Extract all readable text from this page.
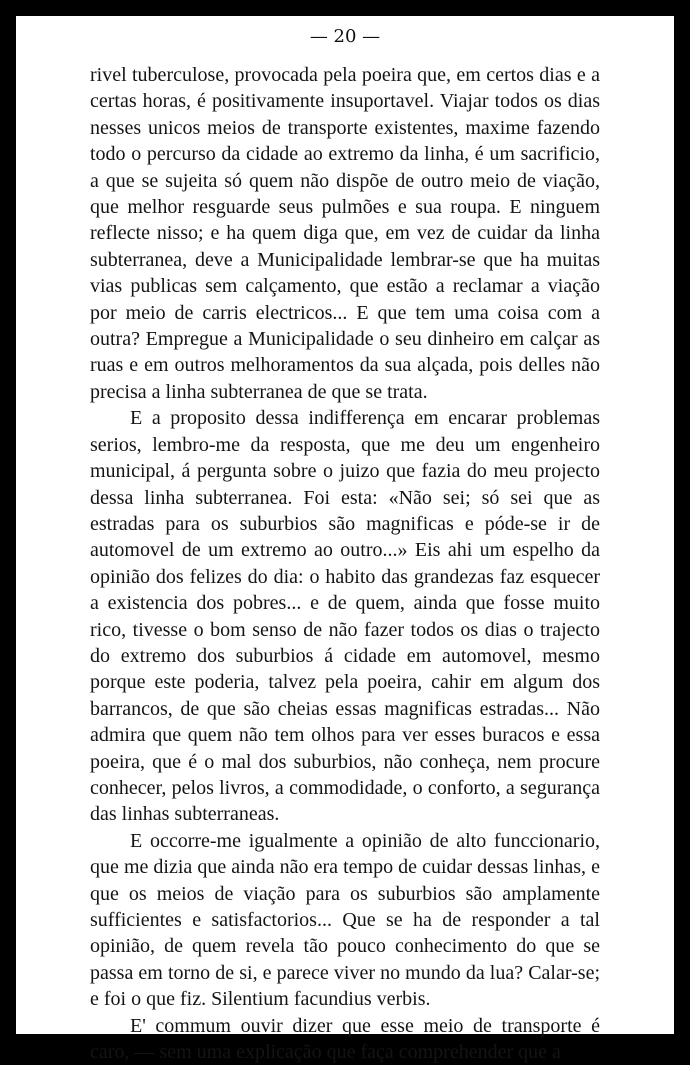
— 20 —

rivel tuberculose, provocada pela poeira que, em certos dias e a certas horas, é positivamente insuportavel. Viajar todos os dias nesses unicos meios de transporte existentes, maxime fazendo todo o percurso da cidade ao extremo da linha, é um sacrificio, a que se sujeita só quem não dispõe de outro meio de viação, que melhor resguarde seus pulmões e sua roupa. E ninguem reflecte nisso; e ha quem diga que, em vez de cuidar da linha subterranea, deve a Municipalidade lembrar-se que ha muitas vias publicas sem calçamento, que estão a reclamar a viação por meio de carris electricos... E que tem uma coisa com a outra? Empregue a Municipalidade o seu dinheiro em calçar as ruas e em outros melhoramentos da sua alçada, pois delles não precisa a linha subterranea de que se trata.

E a proposito dessa indifferença em encarar problemas serios, lembro-me da resposta, que me deu um engenheiro municipal, á pergunta sobre o juizo que fazia do meu projecto dessa linha subterranea. Foi esta: «Não sei; só sei que as estradas para os suburbios são magnificas e póde-se ir de automovel de um extremo ao outro...» Eis ahi um espelho da opinião dos felizes do dia: o habito das grandezas faz esquecer a existencia dos pobres... e de quem, ainda que fosse muito rico, tivesse o bom senso de não fazer todos os dias o trajecto do extremo dos suburbios á cidade em automovel, mesmo porque este poderia, talvez pela poeira, cahir em algum dos barrancos, de que são cheias essas magnificas estradas... Não admira que quem não tem olhos para ver esses buracos e essa poeira, que é o mal dos suburbios, não conheça, nem procure conhecer, pelos livros, a commodidade, o conforto, a segurança das linhas subterraneas.

E occorre-me igualmente a opinião de alto funccionario, que me dizia que ainda não era tempo de cuidar dessas linhas, e que os meios de viação para os suburbios são amplamente sufficientes e satisfactorios... Que se ha de responder a tal opinião, de quem revela tão pouco conhecimento do que se passa em torno de si, e parece viver no mundo da lua? Calar-se; e foi o que fiz. Silentium facundius verbis.

E' commum ouvir dizer que esse meio de transporte é caro, — sem uma explicação que faça comprehender que a
